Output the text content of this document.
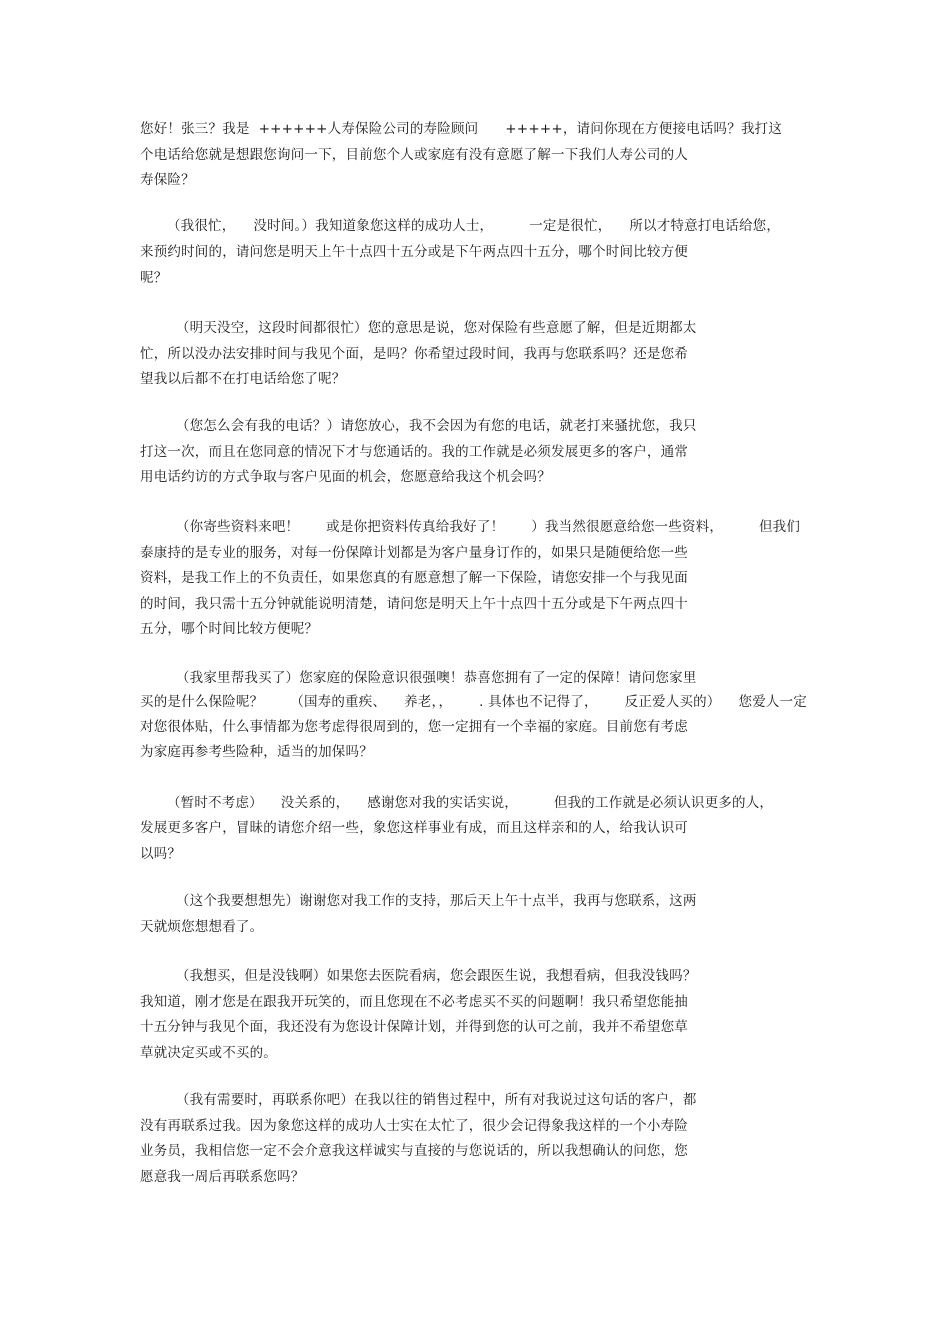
您好！张三？我是  ++++++人寿保险公司的寿险顾问      +++++，请问你现在方便接电话吗？我打这
个电话给您就是想跟您询问一下，目前您个人或家庭有没有意愿了解一下我们人寿公司的人
寿保险？
（我很忙，    没时间。）我知道象您这样的成功人士，        一定是很忙，    所以才特意打电话给您，
来预约时间的，请问您是明天上午十点四十五分或是下午两点四十五分，哪个时间比较方便
呢？
（明天没空，这段时间都很忙）您的意思是说，您对保险有些意愿了解，但是近期都太
忙，所以没办法安排时间与我见个面，是吗？你希望过段时间，我再与您联系吗？还是您希
望我以后都不在打电话给您了呢？
（您怎么会有我的电话？）请您放心，我不会因为有您的电话，就老打来骚扰您，我只
打这一次，而且在您同意的情况下才与您通话的。我的工作就是必须发展更多的客户，通常
用电话约访的方式争取与客户见面的机会，您愿意给我这个机会吗？
（你寄些资料来吧！      或是你把资料传真给我好了！      ）我当然很愿意给您一些资料，        但我们
泰康持的是专业的服务，对每一份保障计划都是为客户量身订作的，如果只是随便给您一些
资料，是我工作上的不负责任，如果您真的有愿意想了解一下保险，请您安排一个与我见面
的时间，我只需十五分钟就能说明清楚，请问您是明天上午十点四十五分或是下午两点四十
五分，哪个时间比较方便呢？
（我家里帮我买了）您家庭的保险意识很强噢！恭喜您拥有了一定的保障！请问您家里
买的是什么保险呢？      （国寿的重疾、    养老，，      . 具体也不记得了，      反正爱人买的）    您爱人一定
对您很体贴，什么事情都为您考虑得很周到的，您一定拥有一个幸福的家庭。目前您有考虑
为家庭再参考些险种，适当的加保吗？
（暂时不考虑）    没关系的，    感谢您对我的实话实说，        但我的工作就是必须认识更多的人，
发展更多客户，冒昧的请您介绍一些，象您这样事业有成，而且这样亲和的人，给我认识可
以吗？
（这个我要想想先）谢谢您对我工作的支持，那后天上午十点半，我再与您联系，这两
天就烦您想想看了。
（我想买，但是没钱啊）如果您去医院看病，您会跟医生说，我想看病，但我没钱吗？
我知道，刚才您是在跟我开玩笑的，而且您现在不必考虑买不买的问题啊！我只希望您能抽
十五分钟与我见个面，我还没有为您设计保障计划，并得到您的认可之前，我并不希望您草
草就决定买或不买的。
（我有需要时，再联系你吧）在我以往的销售过程中，所有对我说过这句话的客户，都
没有再联系过我。因为象您这样的成功人士实在太忙了，很少会记得象我这样的一个小寿险
业务员，我相信您一定不会介意我这样诚实与直接的与您说话的，所以我想确认的问您，您
愿意我一周后再联系您吗？
